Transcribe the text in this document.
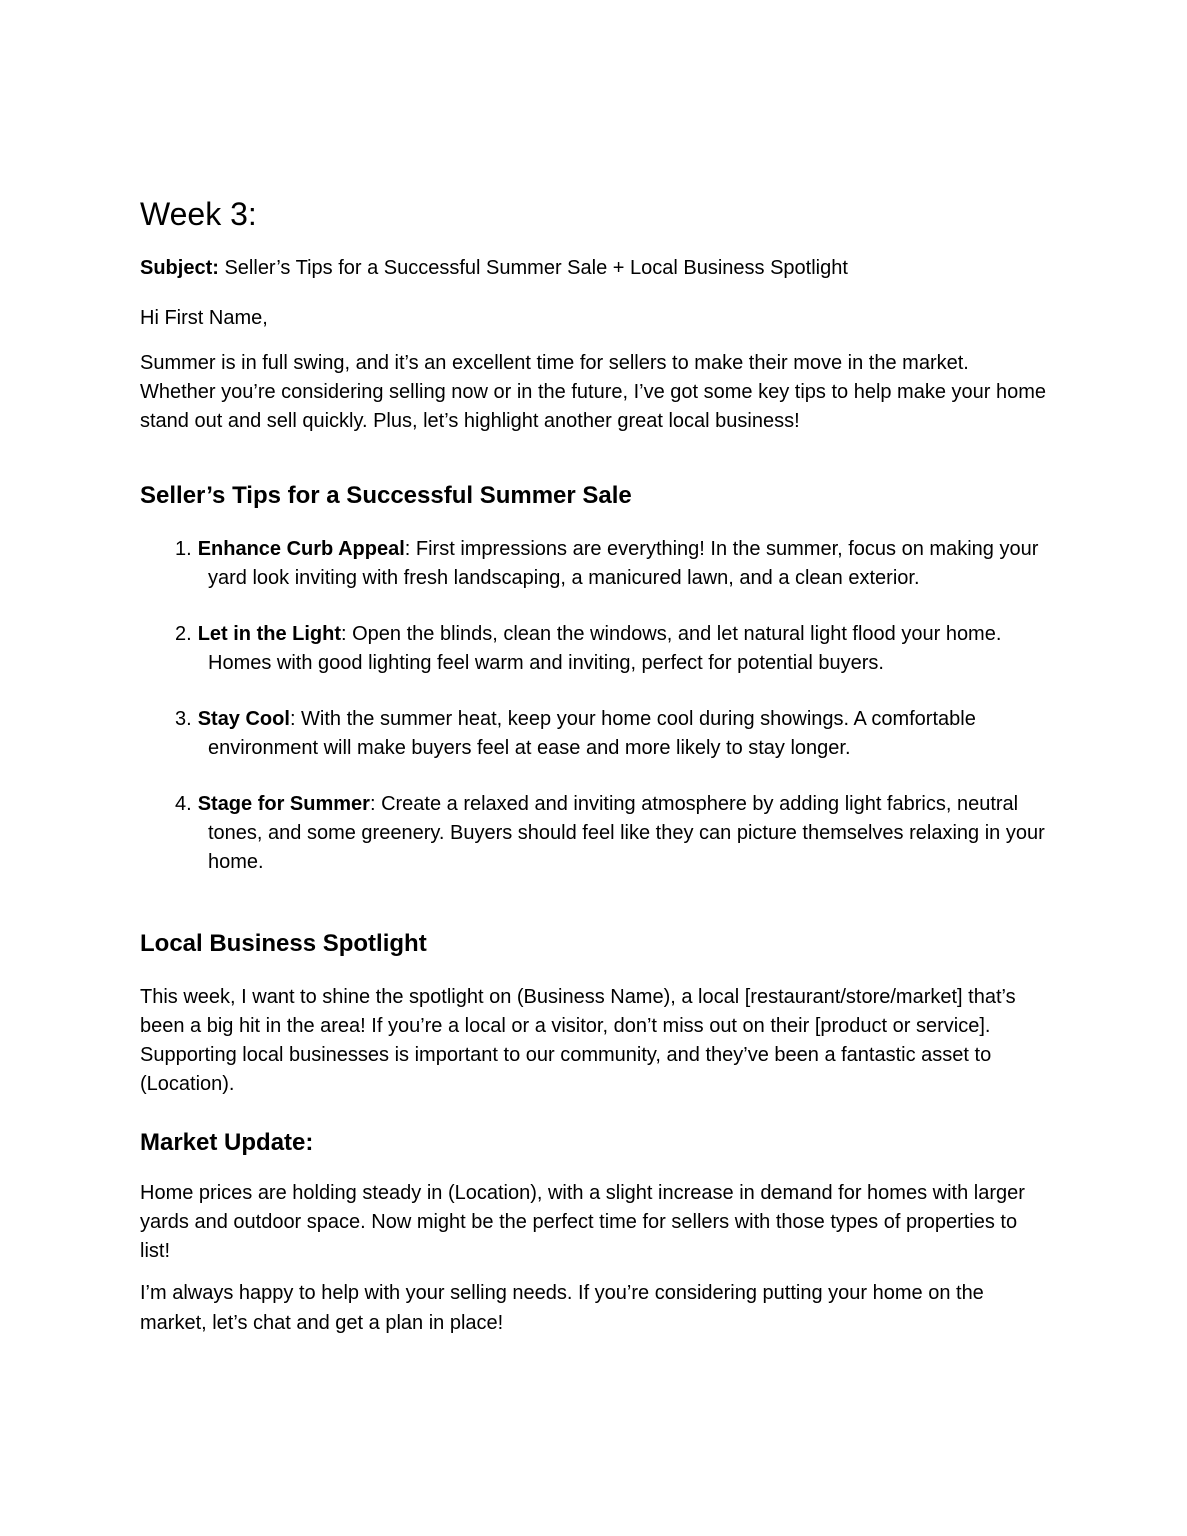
Week 3:

Subject: Seller’s Tips for a Successful Summer Sale + Local Business Spotlight

Hi First Name,

Summer is in full swing, and it’s an excellent time for sellers to make their move in the market. Whether you’re considering selling now or in the future, I’ve got some key tips to help make your home stand out and sell quickly. Plus, let’s highlight another great local business!

Seller’s Tips for a Successful Summer Sale

1. Enhance Curb Appeal: First impressions are everything! In the summer, focus on making your yard look inviting with fresh landscaping, a manicured lawn, and a clean exterior.

2. Let in the Light: Open the blinds, clean the windows, and let natural light flood your home. Homes with good lighting feel warm and inviting, perfect for potential buyers.

3. Stay Cool: With the summer heat, keep your home cool during showings. A comfortable environment will make buyers feel at ease and more likely to stay longer.

4. Stage for Summer: Create a relaxed and inviting atmosphere by adding light fabrics, neutral tones, and some greenery. Buyers should feel like they can picture themselves relaxing in your home.

Local Business Spotlight

This week, I want to shine the spotlight on (Business Name), a local [restaurant/store/market] that’s been a big hit in the area! If you’re a local or a visitor, don’t miss out on their [product or service]. Supporting local businesses is important to our community, and they’ve been a fantastic asset to (Location).

Market Update:

Home prices are holding steady in (Location), with a slight increase in demand for homes with larger yards and outdoor space. Now might be the perfect time for sellers with those types of properties to list!

I’m always happy to help with your selling needs. If you’re considering putting your home on the market, let’s chat and get a plan in place!
